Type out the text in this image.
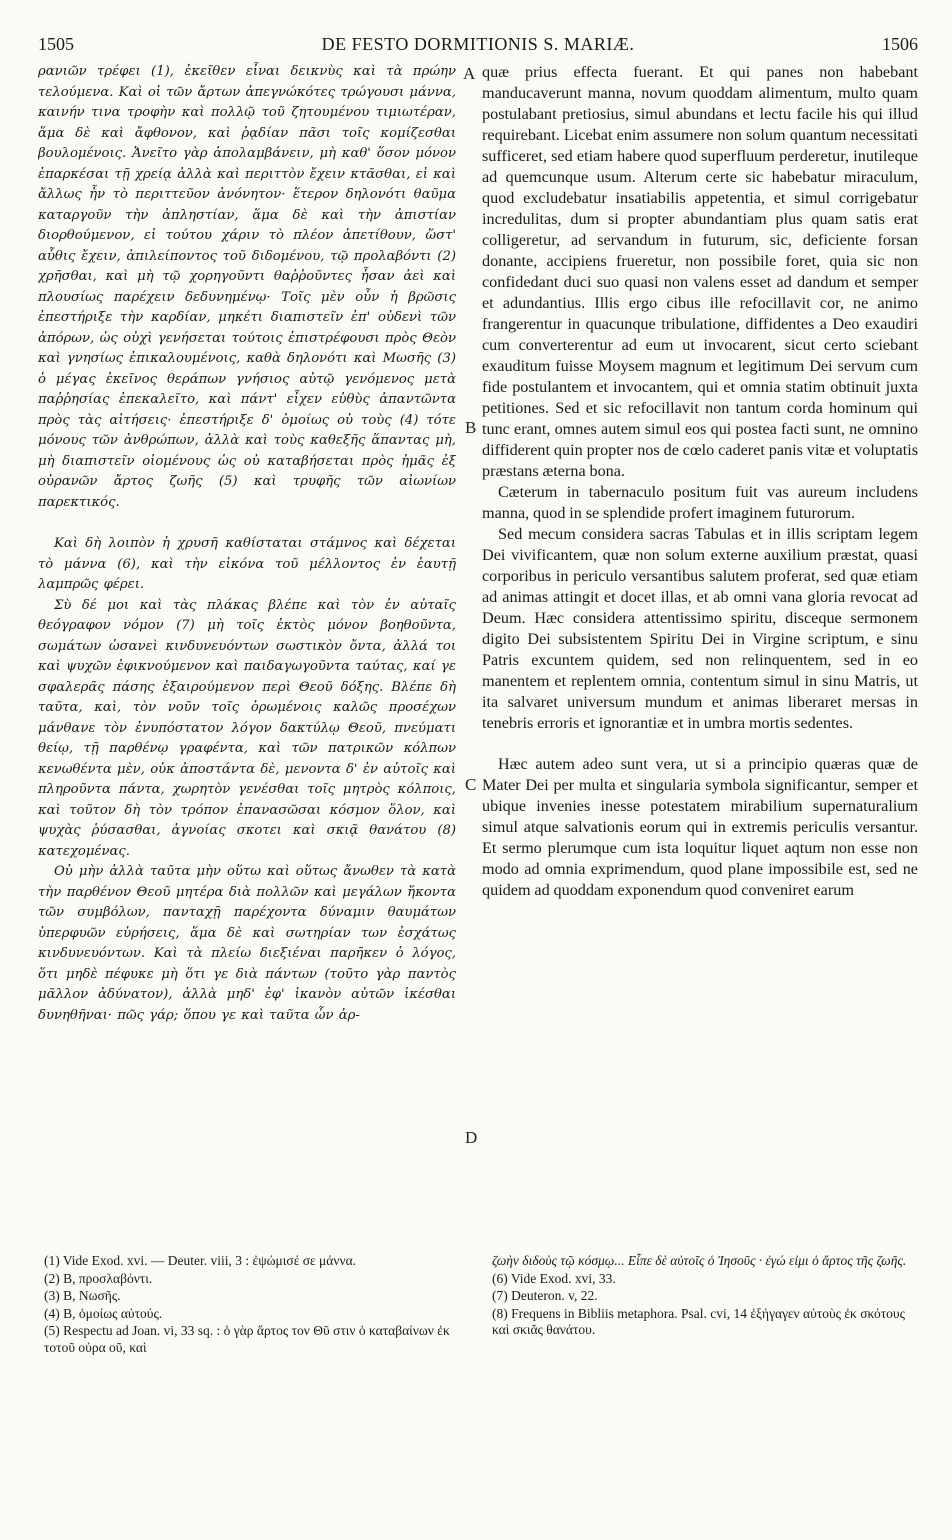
1505	DE FESTO DORMITIONIS S. MARIÆ.	1506

ρανιῶν τρέφει (1), ἐκεῖθεν εἶναι δεικνὺς καὶ τὰ πρώην τελούμενα. Καὶ οἱ τῶν ἄρτων ἀπεγνώκότες τρώγουσι μάννα, καινήν τινα τροφὴν καὶ πολλῷ τοῦ ζητουμένου τιμιωτέραν, ἅμα δὲ καὶ ἄφθονον, καὶ ῥᾳδίαν πᾶσι τοῖς κομίζεσθαι βουλομένοις. Ἀνεῖτο γὰρ ἀπολαμβάνειν, μὴ καθ' ὅσον μόνον ἐπαρκέσαι τῇ χρείᾳ ἀλλὰ καὶ περιττὸν ἔχειν κτᾶσθαι, εἰ καὶ ἄλλως ἦν τὸ περιττεῦον ἀνόνητον· ἕτερον δηλονότι θαῦμα καταργοῦν τὴν ἀπληστίαν, ἅμα δὲ καὶ τὴν ἀπιστίαν διορθούμενον, εἰ τούτου χάριν τὸ πλέον ἀπετίθουν, ὥστ' αὖθις ἔχειν, ἀπιλείποντος τοῦ διδομένου, τῷ προλαβόντι (2) χρῆσθαι, καὶ μὴ τῷ χορηγοῦντι θαῤῥοῦντες ἦσαν ἀεὶ καὶ πλουσίως παρέχειν δεδυνημένῳ· Τοῖς μὲν οὖν ἡ βρῶσις ἐπεστήριξε τὴν καρδίαν, μηκέτι διαπιστεῖν ἐπ' οὐδενὶ τῶν ἀπόρων, ὡς οὐχὶ γενήσεται τούτοις ἐπιστρέφουσι πρὸς Θεὸν καὶ γνησίως ἐπικαλουμένοις, καθὰ δηλονότι καὶ Μωσῆς (3) ὁ μέγας ἐκεῖνος θεράπων γνήσιος αὐτῷ γενόμενος μετὰ παῤῥησίας ἐπεκαλεῖτο, καὶ πάντ' εἶχεν εὐθὺς ἀπαντῶντα πρὸς τὰς αἰτήσεις· ἐπεστήριξε δ' ὁμοίως οὐ τοὺς (4) τότε μόνους τῶν ἀνθρώπων, ἀλλὰ καὶ τοὺς καθεξῆς ἅπαντας μὴ, μὴ διαπιστεῖν οἰομένους ὡς οὐ καταβήσεται πρὸς ἡμᾶς ἐξ οὐρανῶν ἄρτος ζωῆς (5) καὶ τρυφῆς τῶν αἰωνίων παρεκτικός.

Καὶ δὴ λοιπὸν ἡ χρυσῆ καθίσταται στάμνος καὶ δέχεται τὸ μάννα (6), καὶ τὴν εἰκόνα τοῦ μέλλοντος ἐν ἑαυτῇ λαμπρῶς φέρει.

Σὺ δέ μοι καὶ τὰς πλάκας βλέπε καὶ τὸν ἐν αὐταῖς θεόγραφον νόμον (7) μὴ τοῖς ἐκτὸς μόνον βοηθοῦντα, σωμάτων ὡσανεὶ κινδυνευόντων σωστικὸν ὄντα, ἀλλά τοι καὶ ψυχῶν ἐφικνούμενον καὶ παιδαγωγοῦντα ταύτας, καί γε σφαλερᾶς πάσης ἐξαιρούμενον περὶ Θεοῦ δόξης. Βλέπε δὴ ταῦτα, καὶ, τὸν νοῦν τοῖς ὁρωμένοις καλῶς προσέχων μάνθανε τὸν ἐνυπόστατον λόγον δακτύλῳ Θεοῦ, πνεύματι θείῳ, τῇ παρθένῳ γραφέντα, καὶ τῶν πατρικῶν κόλπων κενωθέντα μὲν, οὐκ ἀποστάντα δὲ, μενοντα δ' ἐν αὐτοῖς καὶ πληροῦντα πάντα, χωρητὸν γενέσθαι τοῖς μητρὸς κόλποις, καὶ τοῦτον δὴ τὸν τρόπον ἐπανασῶσαι κόσμον ὅλον, καὶ ψυχὰς ῥύσασθαι, ἀγνοίας σκοτει καὶ σκιᾷ θανάτου (8) κατεχομένας.

Οὐ μὴν ἀλλὰ ταῦτα μὴν οὕτω καὶ οὕτως ἄνωθεν τὰ κατὰ τὴν παρθένον Θεοῦ μητέρα διὰ πολλῶν καὶ μεγάλων ἥκοντα τῶν συμβόλων, πανταχῇ παρέχοντα δύναμιν θαυμάτων ὑπερφυῶν εὑρήσεις, ἅμα δὲ καὶ σωτηρίαν των ἐσχάτως κινδυνευόντων. Καὶ τὰ πλείω διεξιέναι παρῆκεν ὁ λόγος, ὅτι μηδὲ πέφυκε μὴ ὅτι γε διὰ πάντων (τοῦτο γὰρ παντὸς μᾶλλον ἀδύνατον), ἀλλὰ μηδ' ἐφ' ἱκανὸν αὐτῶν ἱκέσθαι δυνηθῆναι· πῶς γάρ; ὅπου γε καὶ ταῦτα ὧν ἀρ-

A
B
C
D

quæ prius effecta fuerant. Et qui panes non habebant manducaverunt manna, novum quoddam alimentum, multo quam postulabant pretiosius, simul abundans et lectu facile his qui illud requirebant. Licebat enim assumere non solum quantum necessitati sufficeret, sed etiam habere quod superfluum perderetur, inutileque ad quemcunque usum. Alterum certe sic habebatur miraculum, quod excludebatur insatiabilis appetentia, et simul corrigebatur incredulitas, dum si propter abundantiam plus quam satis erat colligeretur, ad servandum in futurum, sic, deficiente forsan donante, accipiens frueretur, non possibile foret, quia sic non confidedant duci suo quasi non valens esset ad dandum et semper et adundantius. Illis ergo cibus ille refocillavit cor, ne animo frangerentur in quacunque tribulatione, diffidentes a Deo exaudiri cum converterentur ad eum ut invocarent, sicut certo sciebant exauditum fuisse Moysem magnum et legitimum Dei servum cum fide postulantem et invocantem, qui et omnia statim obtinuit juxta petitiones. Sed et sic refocillavit non tantum corda hominum qui tunc erant, omnes autem simul eos qui postea facti sunt, ne omnino diffiderent quin propter nos de cœlo caderet panis vitæ et voluptatis præstans æterna bona.

Cæterum in tabernaculo positum fuit vas aureum includens manna, quod in se splendide profert imaginem futurorum.

Sed mecum considera sacras Tabulas et in illis scriptam legem Dei vivificantem, quæ non solum externe auxilium præstat, quasi corporibus in periculo versantibus salutem proferat, sed quæ etiam ad animas attingit et docet illas, et ab omni vana gloria revocat ad Deum. Hæc considera attentissimo spiritu, disceque sermonem digito Dei subsistentem Spiritu Dei in Virgine scriptum, e sinu Patris excuntem quidem, sed non relinquentem, sed in eo manentem et replentem omnia, contentum simul in sinu Matris, ut ita salvaret universum mundum et animas liberaret mersas in tenebris erroris et ignorantiæ et in umbra mortis sedentes.

Hæc autem adeo sunt vera, ut si a principio quæras quæ de Mater Dei per multa et singularia symbola significantur, semper et ubique invenies inesse potestatem mirabilium supernaturalium simul atque salvationis eorum qui in extremis periculis versantur. Et sermo plerumque cum ista loquitur liquet aqtum non esse non modo ad omnia exprimendum, quod plane impossibile est, sed ne quidem ad quoddam exponendum quod conveniret earum

(1) Vide Exod. xvi. — Deuter. viii, 3 : ἐψώμισέ σε μάννα.

(2) B, προσλαβόντι.

(3) B, Νωσῆς.

(4) B, ὁμοίως αὐτούς.

(5) Respectu ad Joan. vi, 33 sq. : ὁ γὰρ ἄρτος τον Θῦ στιν ὁ καταβαίνων ἐκ τοτοῦ οὐρα οῦ, καὶ

ζωὴν διδοὺς τῷ κόσμῳ... Εἶπε δὲ αὐτοῖς ὁ Ἰησοῦς · ἐγώ εἰμι ὁ ἄρτος τῆς ζωῆς.

(6) Vide Exod. xvi, 33.

(7) Deuteron. v, 22.

(8) Frequens in Bibliis metaphora. Psal. cvi, 14 ἐξήγαγεν αὐτοὺς ἐκ σκότους καὶ σκιᾶς θανάτου.
